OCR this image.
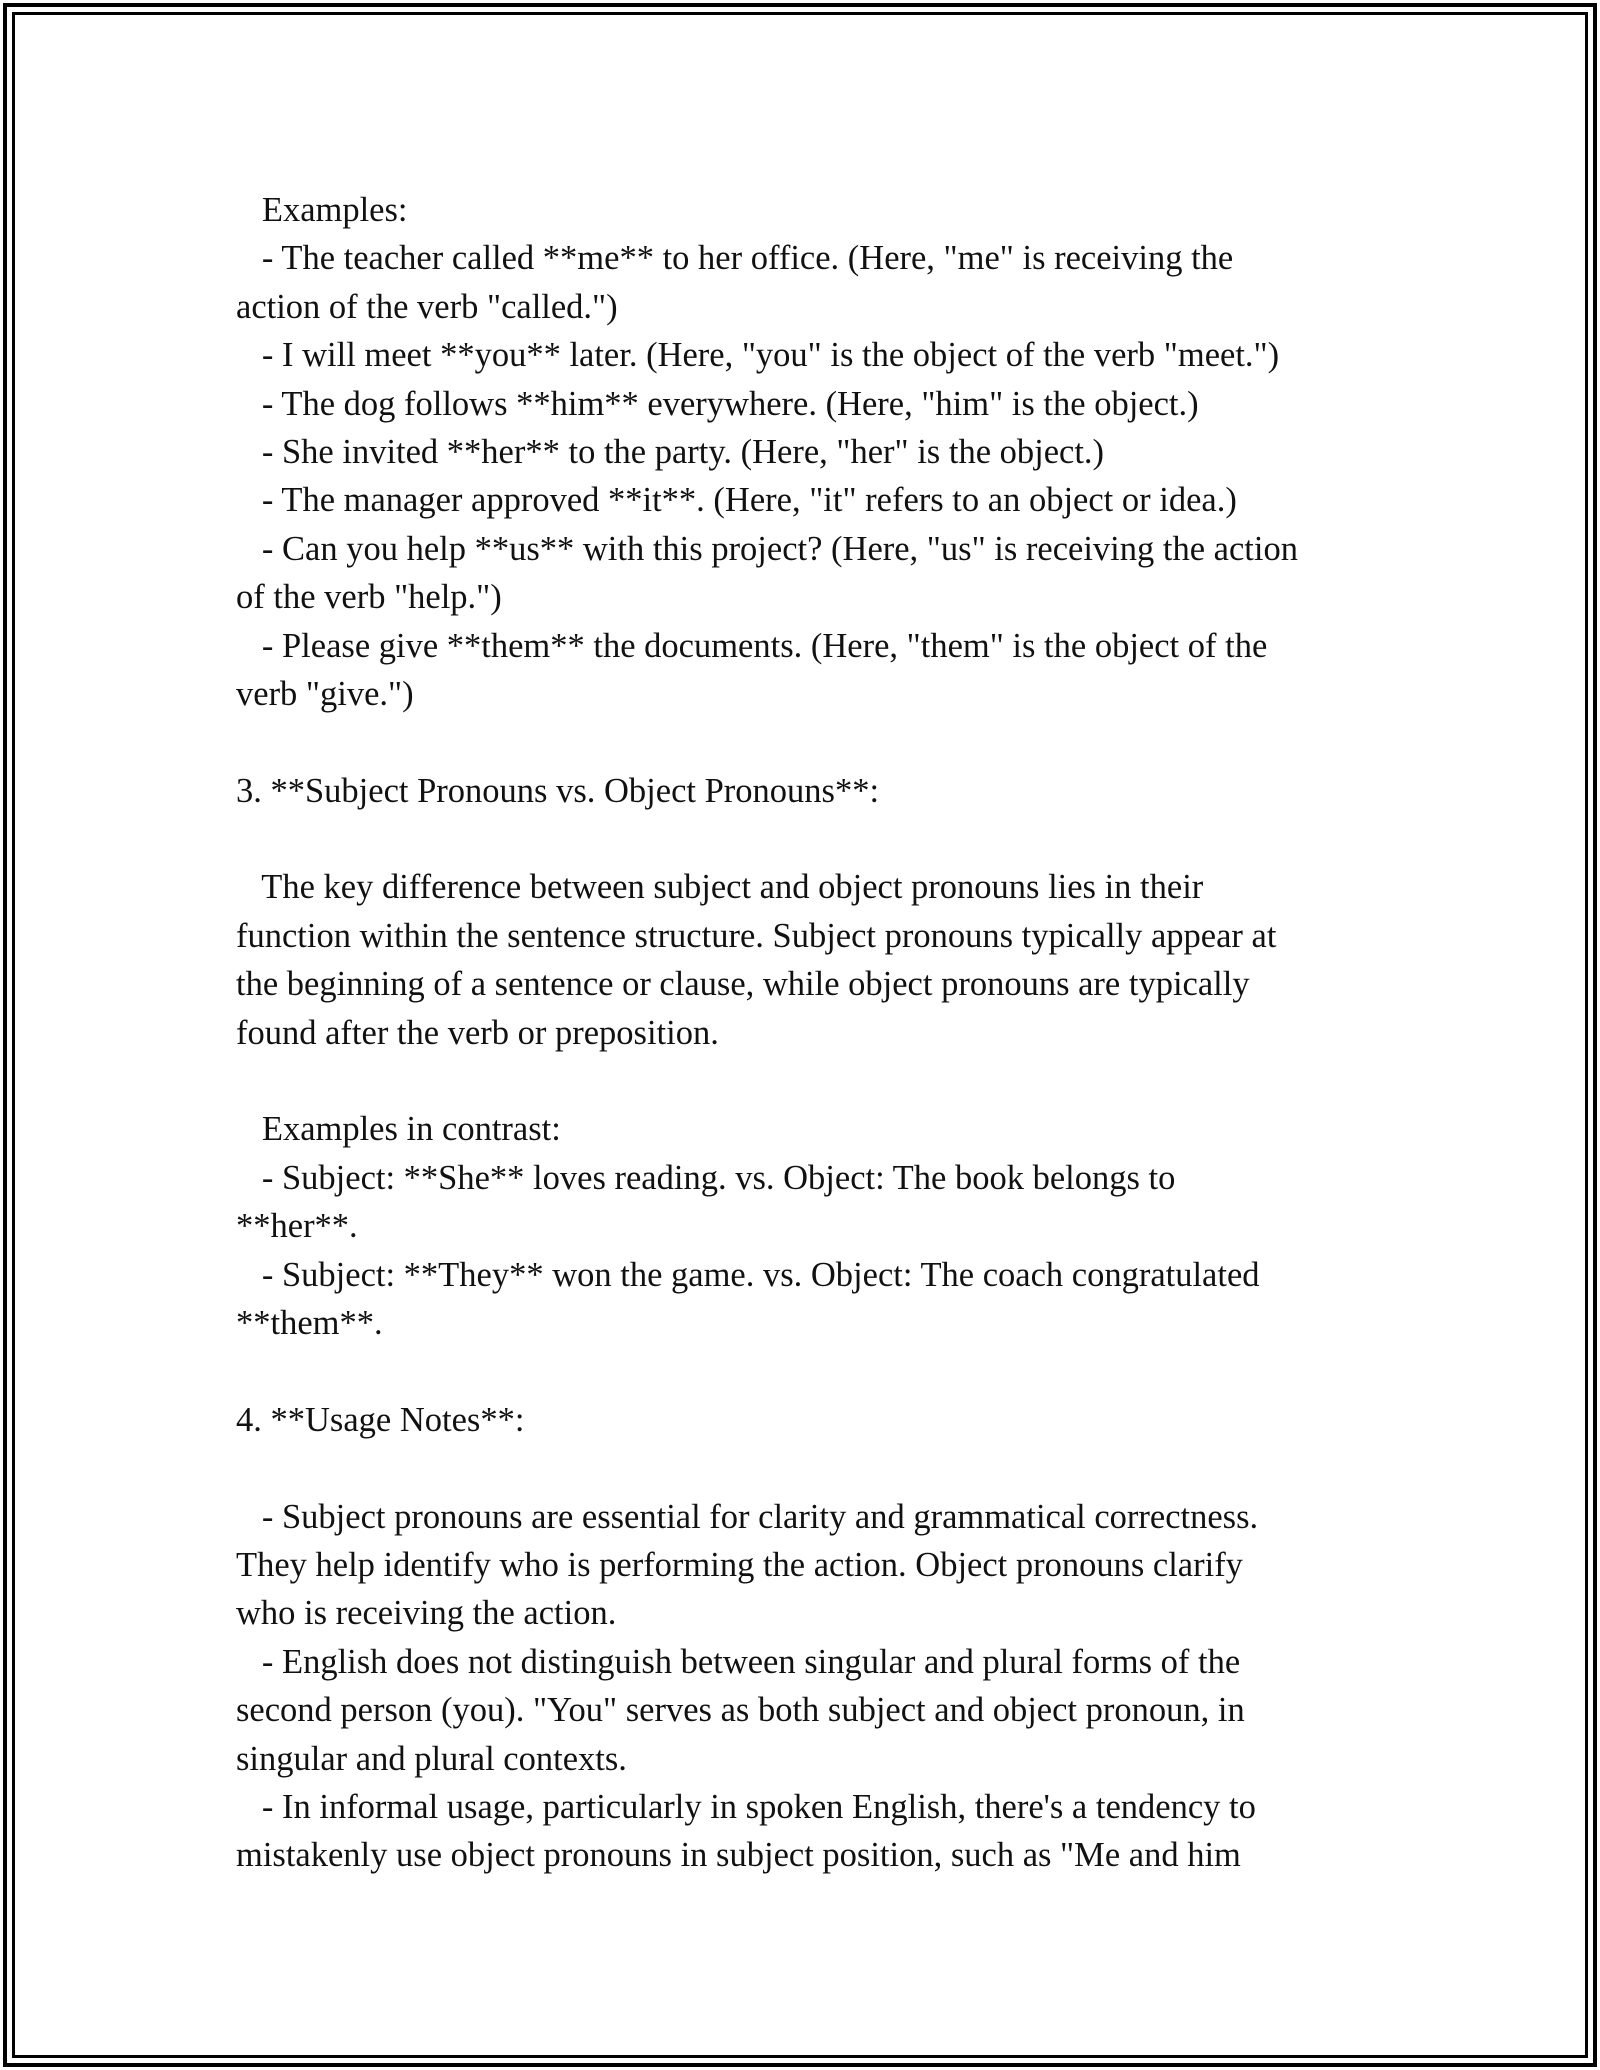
Examples:
- The teacher called **me** to her office. (Here, "me" is receiving the
action of the verb "called.")
- I will meet **you** later. (Here, "you" is the object of the verb "meet.")
- The dog follows **him** everywhere. (Here, "him" is the object.)
- She invited **her** to the party. (Here, "her" is the object.)
- The manager approved **it**. (Here, "it" refers to an object or idea.)
- Can you help **us** with this project? (Here, "us" is receiving the action
of the verb "help.")
- Please give **them** the documents. (Here, "them" is the object of the
verb "give.")
3. **Subject Pronouns vs. Object Pronouns**:
The key difference between subject and object pronouns lies in their
function within the sentence structure. Subject pronouns typically appear at
the beginning of a sentence or clause, while object pronouns are typically
found after the verb or preposition.
Examples in contrast:
- Subject: **She** loves reading. vs. Object: The book belongs to
**her**.
- Subject: **They** won the game. vs. Object: The coach congratulated
**them**.
4. **Usage Notes**:
- Subject pronouns are essential for clarity and grammatical correctness.
They help identify who is performing the action. Object pronouns clarify
who is receiving the action.
- English does not distinguish between singular and plural forms of the
second person (you). "You" serves as both subject and object pronoun, in
singular and plural contexts.
- In informal usage, particularly in spoken English, there's a tendency to
mistakenly use object pronouns in subject position, such as "Me and him
